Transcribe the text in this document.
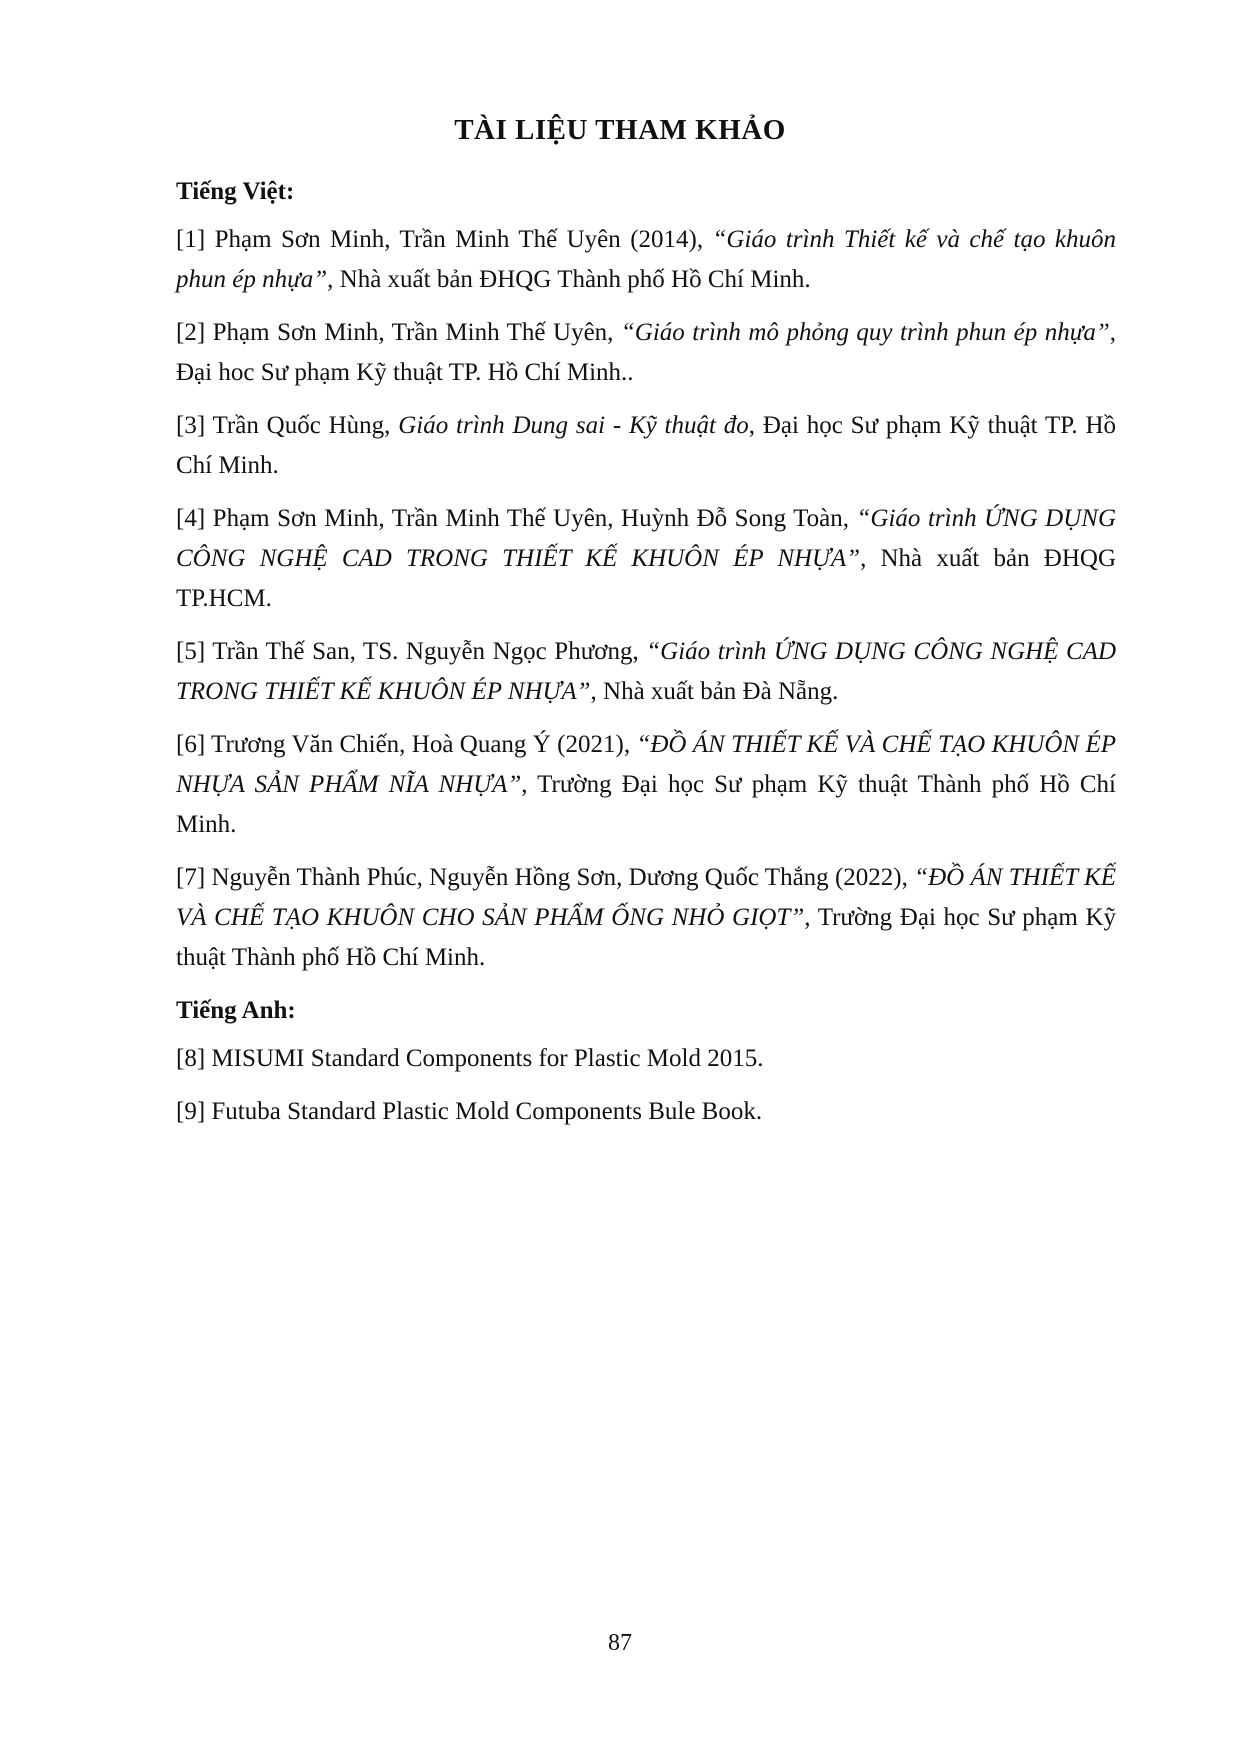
TÀI LIỆU THAM KHẢO
Tiếng Việt:

[1] Phạm Sơn Minh, Trần Minh Thế Uyên (2014), “Giáo trình Thiết kế và chế tạo khuôn phun ép nhựa”, Nhà xuất bản ĐHQG Thành phố Hồ Chí Minh.

[2] Phạm Sơn Minh, Trần Minh Thế Uyên, “Giáo trình mô phỏng quy trình phun ép nhựa”, Đại hoc Sư phạm Kỹ thuật TP. Hồ Chí Minh..

[3] Trần Quốc Hùng, Giáo trình Dung sai - Kỹ thuật đo, Đại học Sư phạm Kỹ thuật TP. Hồ Chí Minh.

[4] Phạm Sơn Minh, Trần Minh Thế Uyên, Huỳnh Đỗ Song Toàn, “Giáo trình ỨNG DỤNG CÔNG NGHỆ CAD TRONG THIẾT KẾ KHUÔN ÉP NHỰA”, Nhà xuất bản ĐHQG TP.HCM.

[5] Trần Thế San, TS. Nguyễn Ngọc Phương, “Giáo trình ỨNG DỤNG CÔNG NGHỆ CAD TRONG THIẾT KẾ KHUÔN ÉP NHỰA”, Nhà xuất bản Đà Nẵng.

[6] Trương Văn Chiến, Hoà Quang Ý (2021), “ĐỒ ÁN THIẾT KẾ VÀ CHẾ TẠO KHUÔN ÉP NHỰA SẢN PHẨM NĨA NHỰA”, Trường Đại học Sư phạm Kỹ thuật Thành phố Hồ Chí Minh.

[7] Nguyễn Thành Phúc, Nguyễn Hồng Sơn, Dương Quốc Thắng (2022), “ĐỒ ÁN THIẾT KẾ VÀ CHẾ TẠO KHUÔN CHO SẢN PHẨM ỐNG NHỎ GIỌT”, Trường Đại học Sư phạm Kỹ thuật Thành phố Hồ Chí Minh.

Tiếng Anh:

[8] MISUMI Standard Components for Plastic Mold 2015.

[9] Futuba Standard Plastic Mold Components Bule Book.

87
